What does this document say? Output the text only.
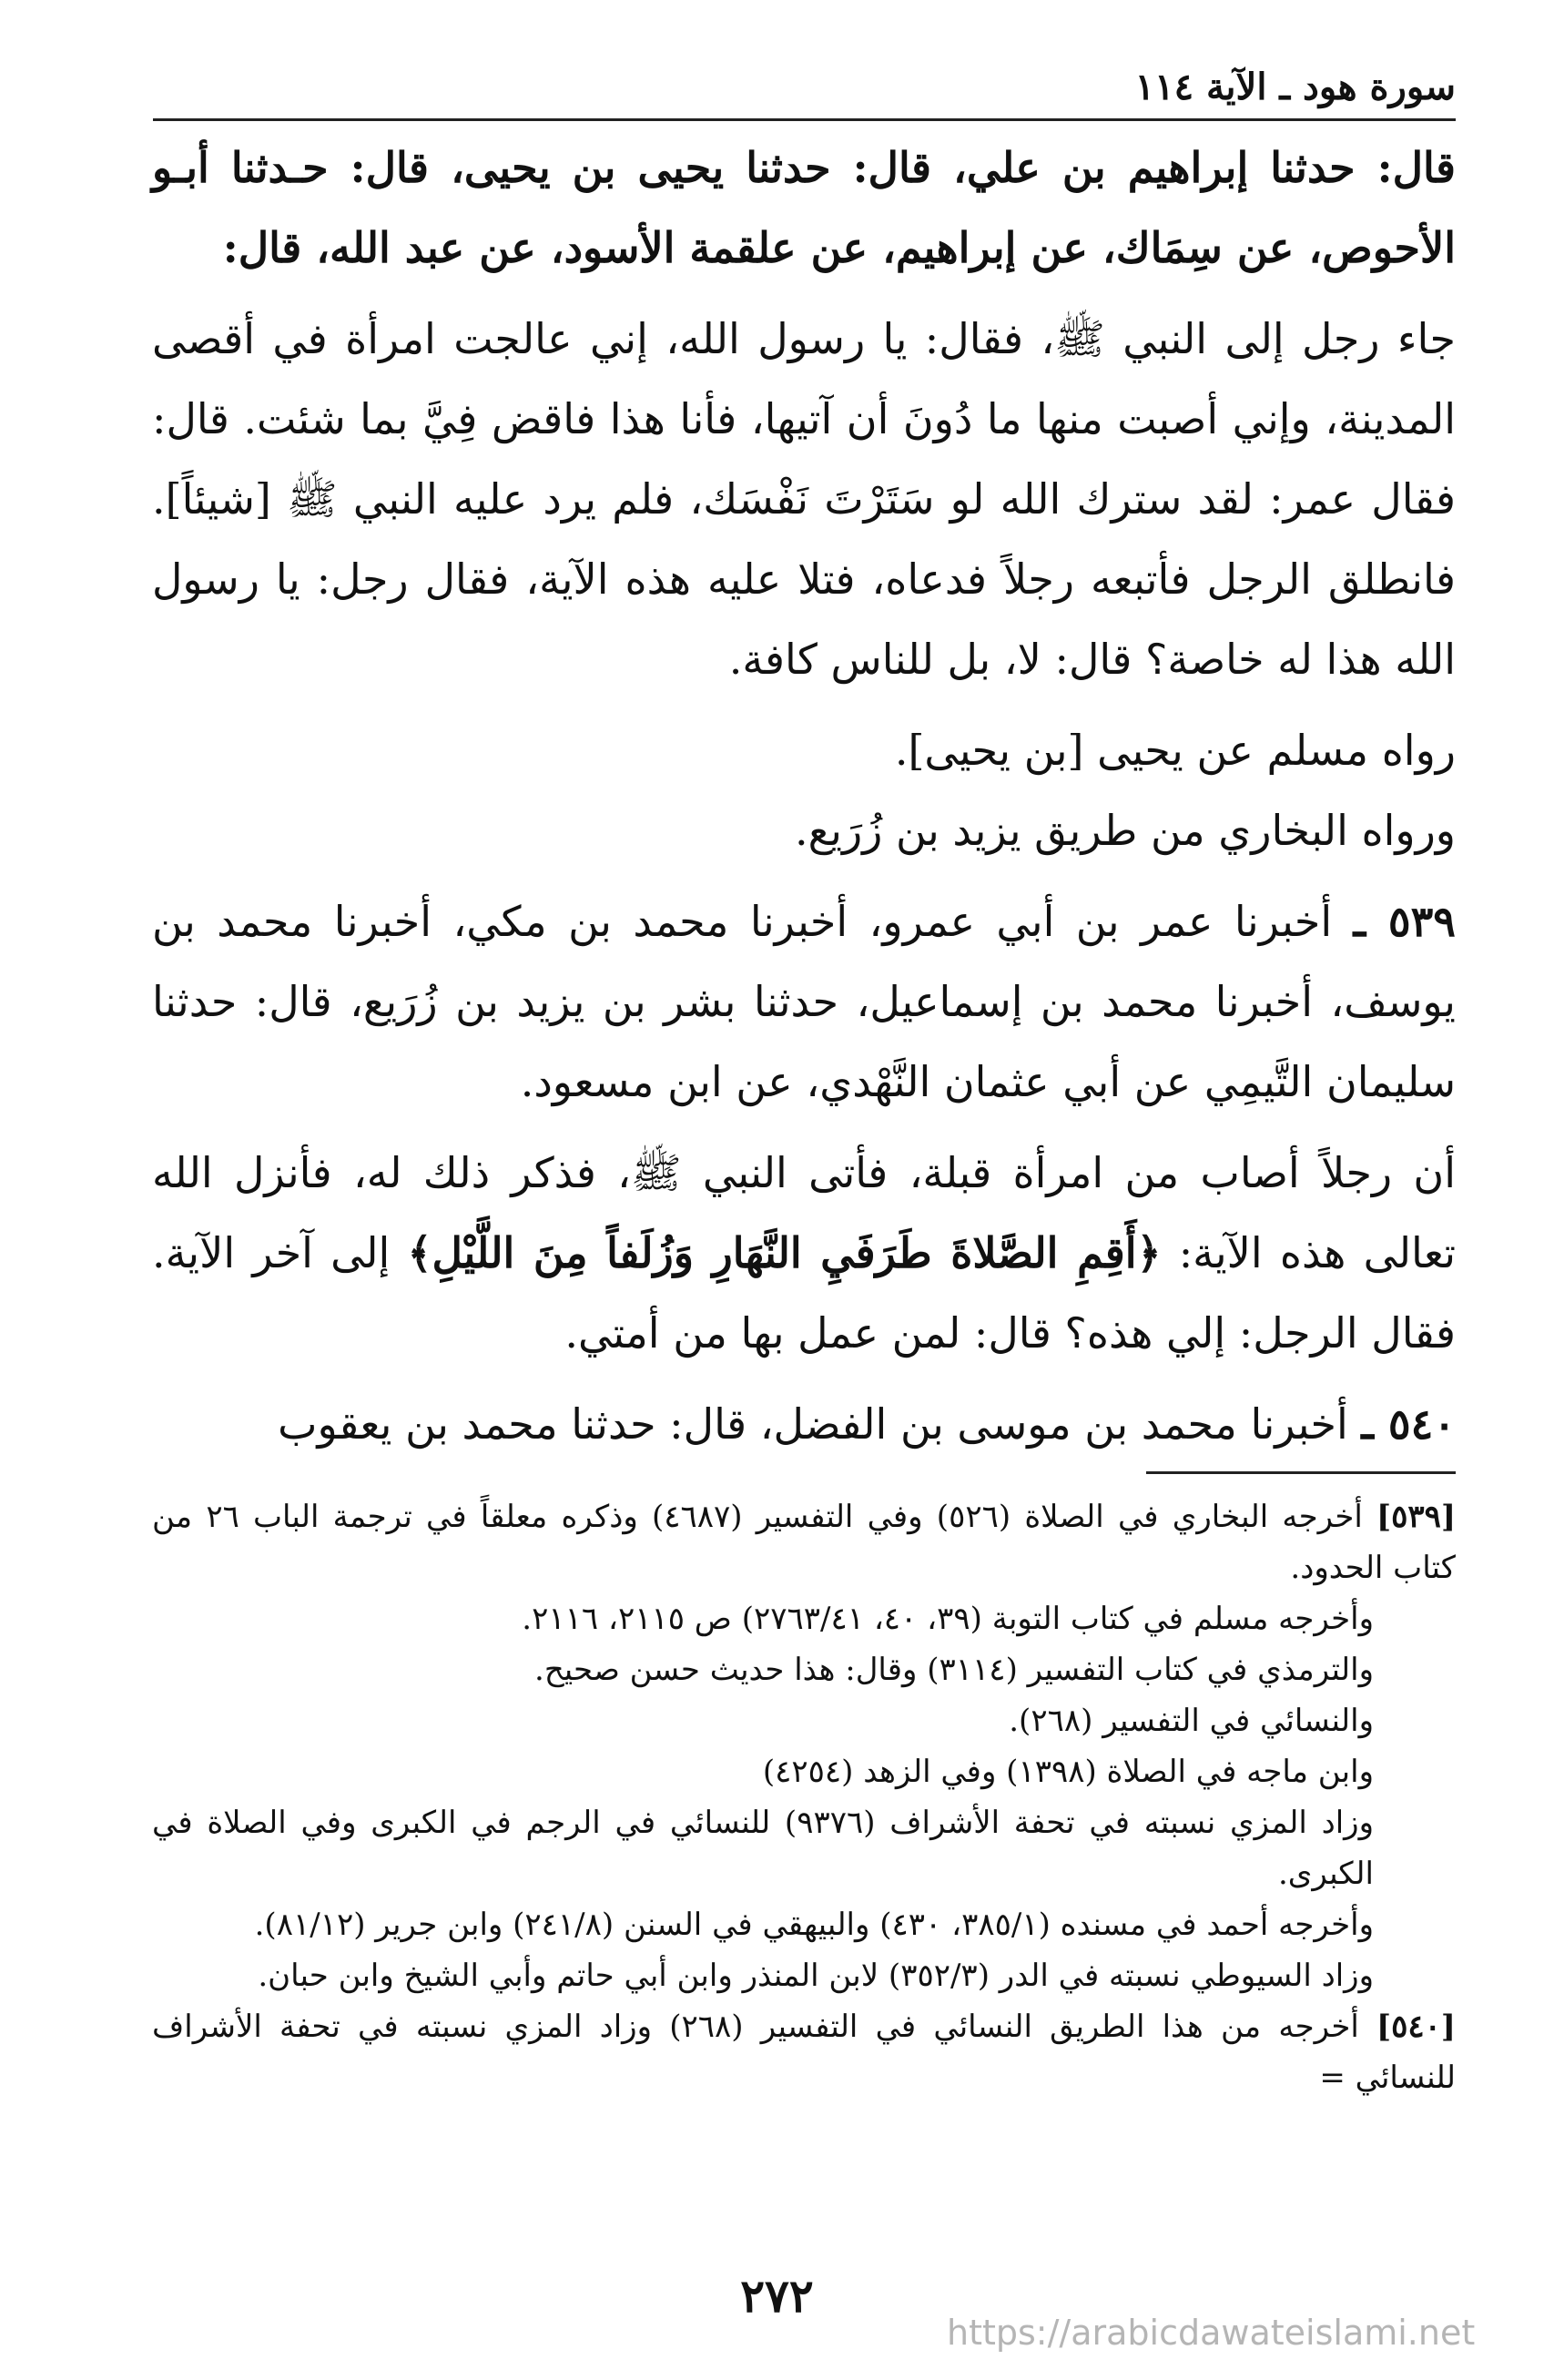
سورة هود ـ الآية ١١٤

قال: حدثنا إبراهيم بن علي، قال: حدثنا يحيى بن يحيى، قال: حـدثنا أبـو الأحوص، عن سِمَاك، عن إبراهيم، عن علقمة الأسود، عن عبد الله، قال:

جاء رجل إلى النبي ﷺ، فقال: يا رسول الله، إني عالجت امرأة في أقصى المدينة، وإني أصبت منها ما دُونَ أن آتيها، فأنا هذا فاقض فِيَّ بما شئت. قال: فقال عمر: لقد سترك الله لو سَتَرْتَ نَفْسَك، فلم يرد عليه النبي ﷺ [شيئاً]. فانطلق الرجل فأتبعه رجلاً فدعاه، فتلا عليه هذه الآية، فقال رجل: يا رسول الله هذا له خاصة؟ قال: لا، بل للناس كافة.

رواه مسلم عن يحيى [بن يحيى].

ورواه البخاري من طريق يزيد بن زُرَيع.

٥٣٩ ـ أخبرنا عمر بن أبي عمرو، أخبرنا محمد بن مكي، أخبرنا محمد بن يوسف، أخبرنا محمد بن إسماعيل، حدثنا بشر بن يزيد بن زُرَيع، قال: حدثنا سليمان التَّيمِي عن أبي عثمان النَّهْدي، عن ابن مسعود.

أن رجلاً أصاب من امرأة قبلة، فأتى النبي ﷺ، فذكر ذلك له، فأنزل الله تعالى هذه الآية: ﴿أَقِمِ الصَّلاةَ طَرَفَيِ النَّهَارِ وَزُلَفاً مِنَ اللَّيْلِ﴾ إلى آخر الآية. فقال الرجل: إلي هذه؟ قال: لمن عمل بها من أمتي.

٥٤٠ ـ أخبرنا محمد بن موسى بن الفضل، قال: حدثنا محمد بن يعقوب

[٥٣٩] أخرجه البخاري في الصلاة (٥٢٦) وفي التفسير (٤٦٨٧) وذكره معلقاً في ترجمة الباب ٢٦ من كتاب الحدود.

وأخرجه مسلم في كتاب التوبة (٣٩، ٤٠، ٢٧٦٣/٤١) ص ٢١١٥، ٢١١٦.

والترمذي في كتاب التفسير (٣١١٤) وقال: هذا حديث حسن صحيح.

والنسائي في التفسير (٢٦٨).

وابن ماجه في الصلاة (١٣٩٨) وفي الزهد (٤٢٥٤)

وزاد المزي نسبته في تحفة الأشراف (٩٣٧٦) للنسائي في الرجم في الكبرى وفي الصلاة في الكبرى.

وأخرجه أحمد في مسنده (٣٨٥/١، ٤٣٠) والبيهقي في السنن (٢٤١/٨) وابن جرير (٨١/١٢).

وزاد السيوطي نسبته في الدر (٣٥٢/٣) لابن المنذر وابن أبي حاتم وأبي الشيخ وابن حبان.

[٥٤٠] أخرجه من هذا الطريق النسائي في التفسير (٢٦٨) وزاد المزي نسبته في تحفة الأشراف للنسائي =

٢٧٢
https://arabicdawateislami.net
